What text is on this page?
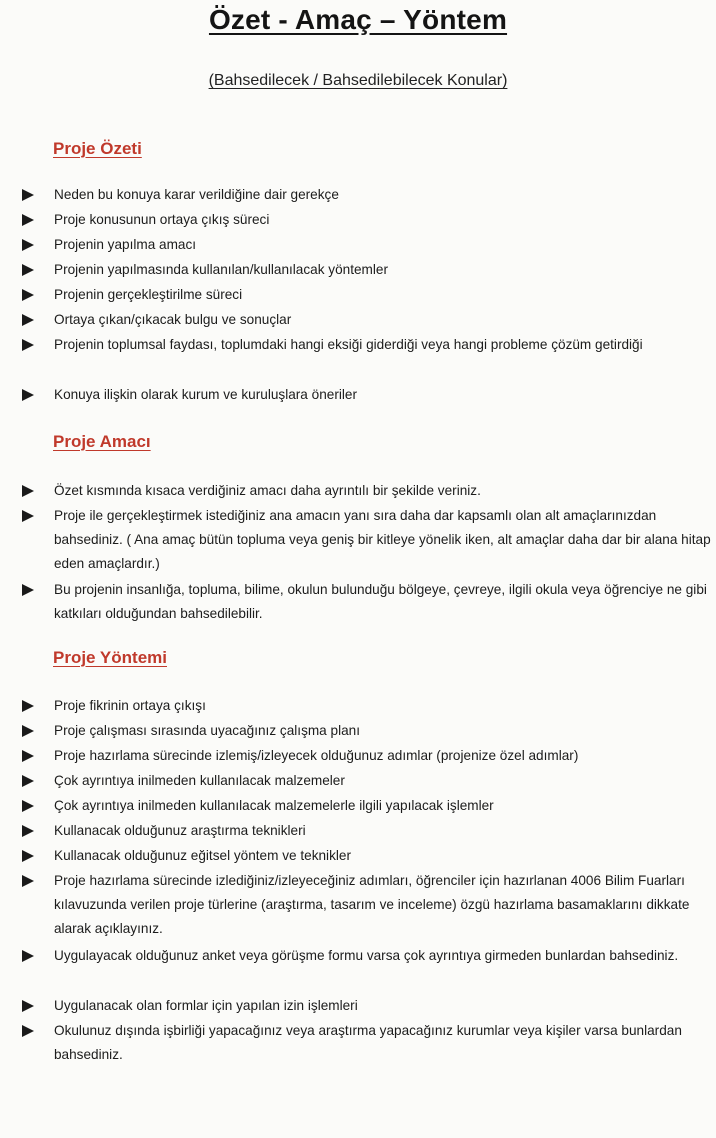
Özet - Amaç – Yöntem
(Bahsedilecek / Bahsedilebilecek Konular)
Proje Özeti
Neden bu konuya karar verildiğine dair gerekçe
Proje konusunun ortaya çıkış süreci
Projenin yapılma amacı
Projenin yapılmasında kullanılan/kullanılacak yöntemler
Projenin gerçekleştirilme süreci
Ortaya çıkan/çıkacak bulgu ve sonuçlar
Projenin toplumsal faydası, toplumdaki hangi eksiği giderdiği veya hangi probleme çözüm getirdiği
Konuya ilişkin olarak kurum ve kuruluşlara öneriler
Proje Amacı
Özet kısmında kısaca verdiğiniz amacı daha ayrıntılı bir şekilde veriniz.
Proje ile gerçekleştirmek istediğiniz ana amacın yanı sıra daha dar kapsamlı olan alt amaçlarınızdan bahsediniz. ( Ana amaç bütün topluma veya geniş bir kitleye yönelik iken, alt amaçlar daha dar bir alana hitap eden amaçlardır.)
Bu projenin insanlığa, topluma, bilime, okulun bulunduğu bölgeye, çevreye, ilgili okula veya öğrenciye ne gibi katkıları olduğundan bahsedilebilir.
Proje Yöntemi
Proje fikrinin ortaya çıkışı
Proje çalışması sırasında uyacağınız çalışma planı
Proje hazırlama sürecinde izlemiş/izleyecek olduğunuz adımlar (projenize özel adımlar)
Çok ayrıntıya inilmeden kullanılacak malzemeler
Çok ayrıntıya inilmeden kullanılacak malzemelerle ilgili yapılacak işlemler
Kullanacak olduğunuz araştırma teknikleri
Kullanacak olduğunuz eğitsel yöntem ve teknikler
Proje hazırlama sürecinde izlediğiniz/izleyeceğiniz adımları, öğrenciler için hazırlanan 4006 Bilim Fuarları kılavuzunda verilen proje türlerine (araştırma, tasarım ve inceleme) özgü hazırlama basamaklarını dikkate alarak açıklayınız.
Uygulayacak olduğunuz anket veya görüşme formu varsa çok ayrıntıya girmeden bunlardan bahsediniz.
Uygulanacak olan formlar için yapılan izin işlemleri
Okulunuz dışında işbirliği yapacağınız veya araştırma yapacağınız kurumlar veya kişiler varsa bunlardan bahsediniz.
